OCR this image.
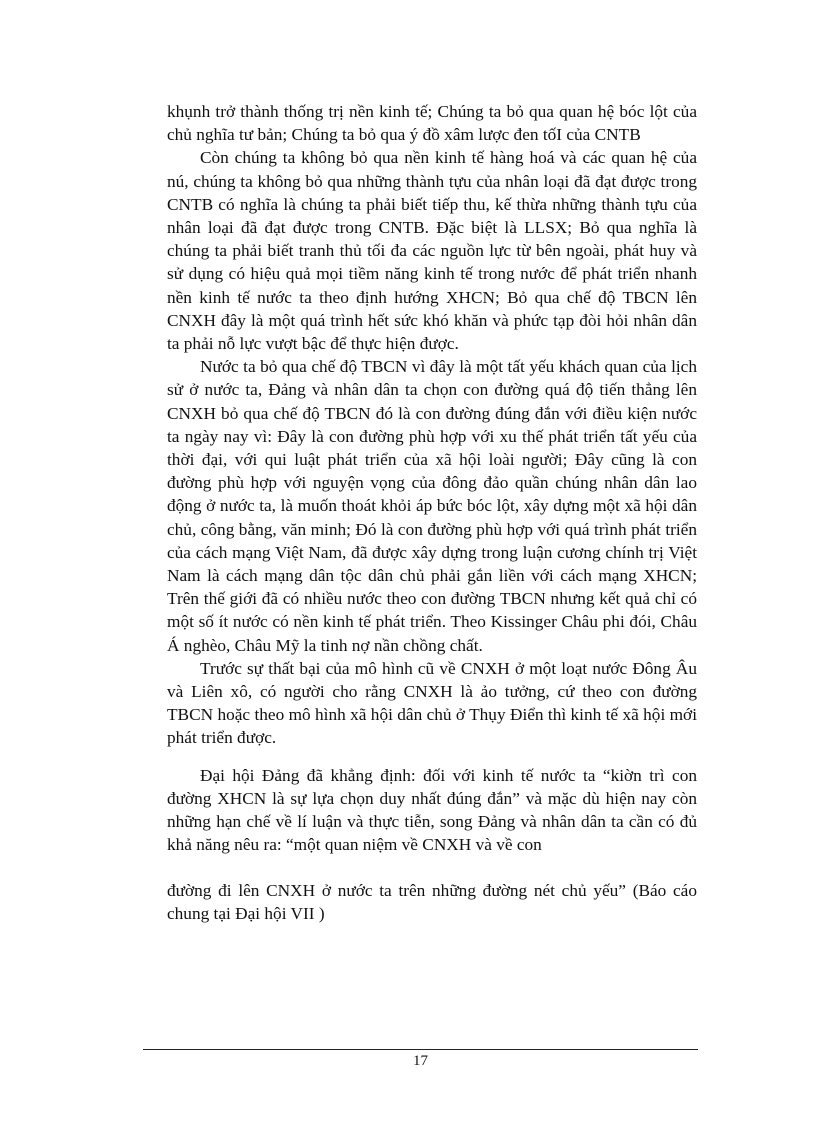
khụnh trở thành thống trị nền kinh tế; Chúng ta bỏ qua quan hệ bóc lột của chủ nghĩa tư bản; Chúng ta bỏ qua ý đồ xâm lược đen tốI của CNTB

Còn chúng ta không bỏ qua nền kinh tế hàng hoá và các quan hệ của nú, chúng ta không bỏ qua những thành tựu của nhân loại đã đạt được trong CNTB có nghĩa là chúng ta phải biết tiếp thu, kế thừa những thành tựu của nhân loại đã đạt được trong CNTB. Đặc biệt là LLSX; Bỏ qua nghĩa là chúng ta phải biết tranh thủ tối đa các nguồn lực từ bên ngoài, phát huy và sử dụng có hiệu quả mọi tiềm năng kinh tế trong nước để phát triển nhanh nền kinh tế nước ta theo định hướng XHCN; Bỏ qua chế độ TBCN lên CNXH đây là một quá trình hết sức khó khăn và phức tạp đòi hỏi nhân dân ta phải nỗ lực vượt bậc để thực hiện được.

Nước ta bỏ qua chế độ TBCN vì đây là một tất yếu khách quan của lịch sử ở nước ta, Đảng và nhân dân ta chọn con đường quá độ tiến thẳng lên CNXH bỏ qua chế độ TBCN đó là con đường đúng đắn với điều kiện nước ta ngày nay vì: Đây là con đường phù hợp với xu thế phát triển tất yếu của thời đại, với qui luật phát triển của xã hội loài người; Đây cũng là con đường phù hợp với nguyện vọng của đông đảo quần chúng nhân dân lao động ở nước ta, là muốn thoát khỏi áp bức bóc lột, xây dựng một xã hội dân chủ, công bằng, văn minh; Đó là con đường phù hợp với quá trình phát triển của cách mạng Việt Nam, đã được xây dựng trong luận cương chính trị Việt Nam là cách mạng dân tộc dân chủ phải gắn liền với cách mạng XHCN; Trên thế giới đã có nhiều nước theo con đường TBCN nhưng kết quả chỉ có một số ít nước có nền kinh tế phát triển. Theo Kissinger Châu phi đói, Châu Á nghèo, Châu Mỹ la tinh nợ nần chồng chất.

Trước sự thất bại của mô hình cũ về CNXH ở một loạt nước Đông Âu và Liên xô, có người cho rằng CNXH là ảo tưởng, cứ theo con đường TBCN hoặc theo mô hình xã hội dân chủ ở Thụy Điển thì kinh tế xã hội mới phát triển được.

Đại hội Đảng đã khẳng định: đối với kinh tế nước ta “kiờn trì con đường XHCN là sự lựa chọn duy nhất đúng đắn” và mặc dù hiện nay còn những hạn chế về lí luận và thực tiễn, song Đảng và nhân dân ta cần có đủ khả năng nêu ra: “một quan niệm về CNXH và về con

đường đi lên CNXH ở nước ta trên những đường nét chủ yếu” (Báo cáo chung tại Đại hội VII )

17
